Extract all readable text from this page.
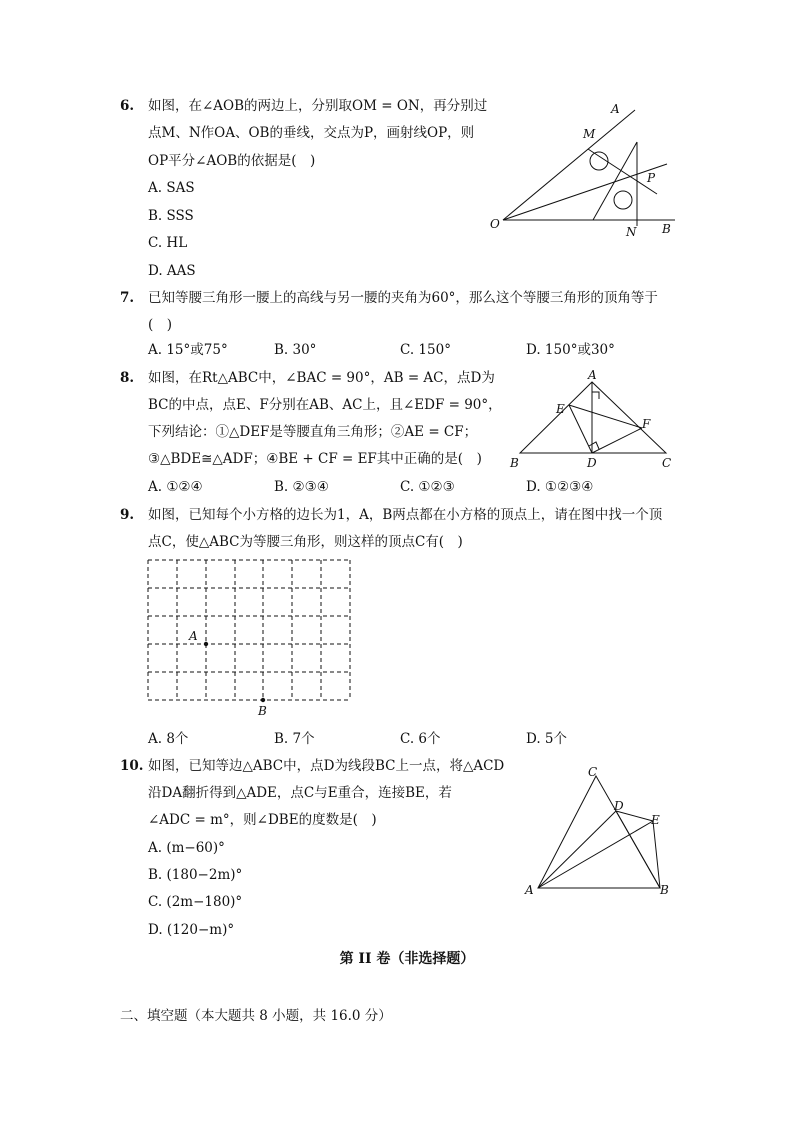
6. 如图，在∠AOB的两边上，分别取OM = ON，再分别过
点M、N作OA、OB的垂线，交点为P，画射线OP，则
OP平分∠AOB的依据是(　)
A. SAS
B. SSS
C. HL
D. AAS
A
M
P
O
N B
7. 已知等腰三角形一腰上的高线与另一腰的夹角为60°，那么这个等腰三角形的顶角等于
(　)
A. 15°或75°	B. 30°	C. 150°	D. 150°或30°
8. 如图，在Rt△ABC中，∠BAC = 90°，AB = AC，点D为
BC的中点，点E、F分别在AB、AC上，且∠EDF = 90°，
下列结论：①△DEF是等腰直角三角形；②AE = CF；
③△BDE≅△ADF；④BE + CF = EF其中正确的是(　)
A. ①②④	B. ②③④	C. ①②③	D. ①②③④
A
E
F
B	D	C
9. 如图，已知每个小方格的边长为1，A，B两点都在小方格的顶点上，请在图中找一个顶
点C，使△ABC为等腰三角形，则这样的顶点C有(　)
A
B
A. 8个	B. 7个	C. 6个	D. 5个
10. 如图，已知等边△ABC中，点D为线段BC上一点，将△ACD
沿DA翻折得到△ADE，点C与E重合，连接BE，若
∠ADC = m°，则∠DBE的度数是(　)
A. (m−60)°
B. (180−2m)°
C. (2m−180)°
D. (120−m)°
C
D
E
A	B
第 II 卷（非选择题）
二、填空题（本大题共 8 小题，共 16.0 分）
